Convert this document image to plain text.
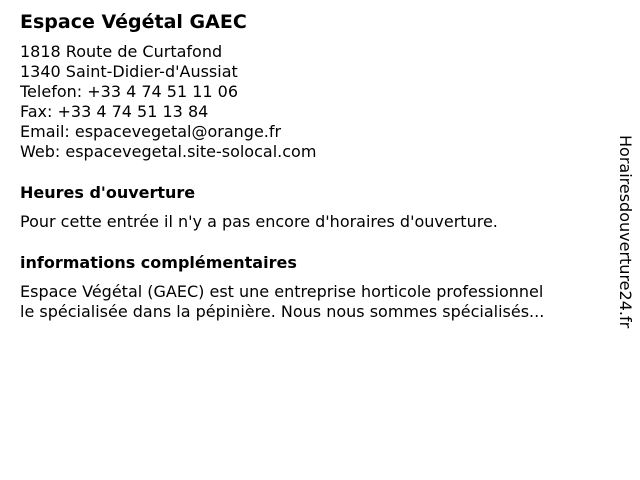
Espace Végétal GAEC
1818 Route de Curtafond
1340 Saint-Didier-d'Aussiat
Telefon: +33 4 74 51 11 06
Fax: +33 4 74 51 13 84
Email: espacevegetal@orange.fr
Web: espacevegetal.site-solocal.com
Heures d'ouverture
Pour cette entrée il n'y a pas encore d'horaires d'ouverture.
informations complémentaires
Espace Végétal (GAEC) est une entreprise horticole professionnel
le spécialisée dans la pépinière. Nous nous sommes spécialisés...	Horairesdouverture24.fr
